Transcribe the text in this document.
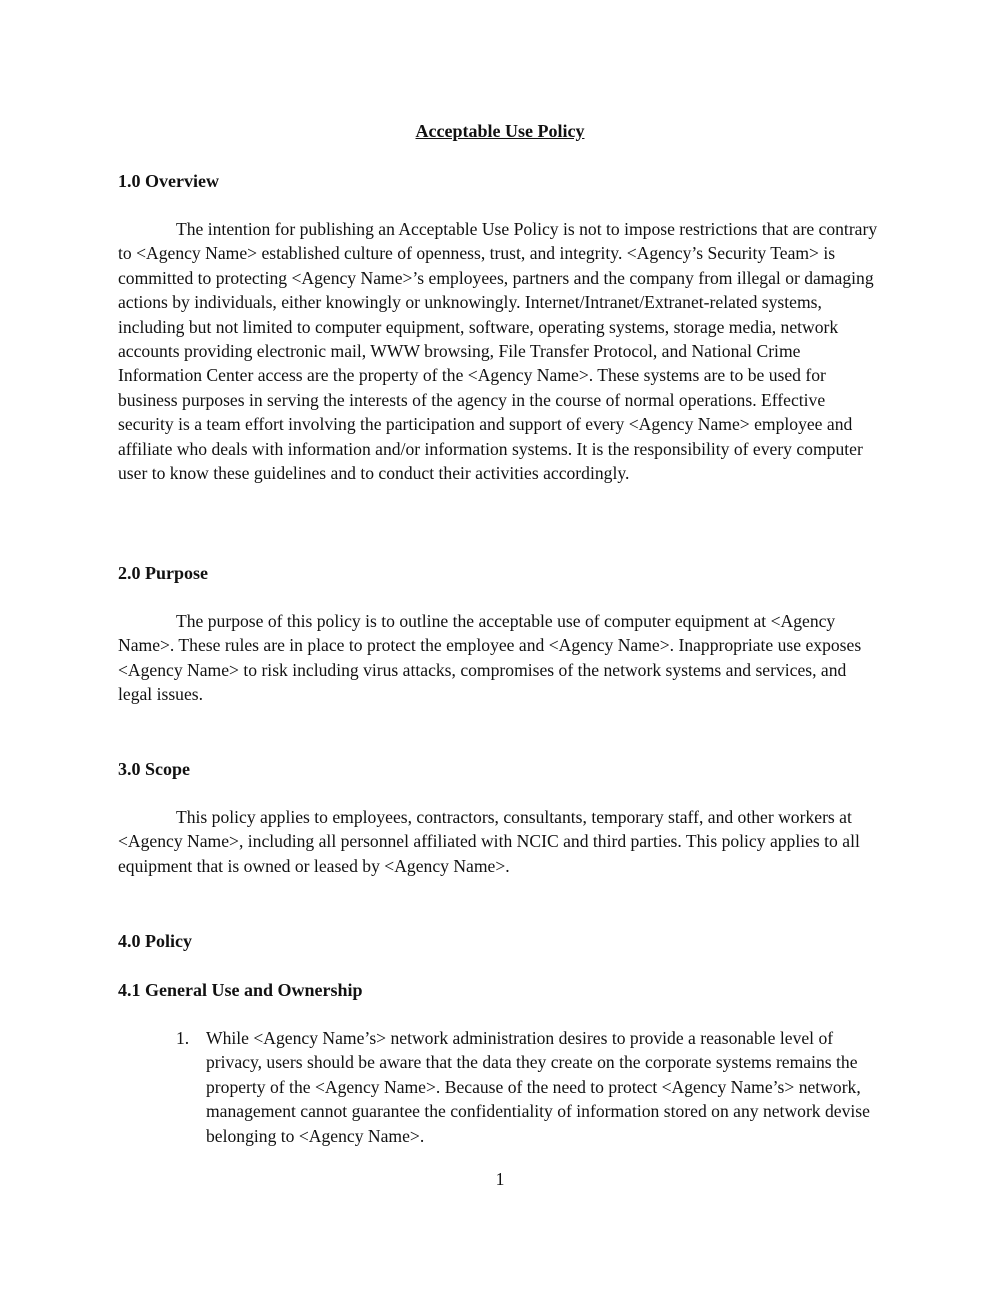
Acceptable Use Policy
1.0 Overview

The intention for publishing an Acceptable Use Policy is not to impose restrictions that are contrary to <Agency Name> established culture of openness, trust, and integrity. <Agency’s Security Team> is committed to protecting <Agency Name>’s employees, partners and the company from illegal or damaging actions by individuals, either knowingly or unknowingly. Internet/Intranet/Extranet-related systems, including but not limited to computer equipment, software, operating systems, storage media, network accounts providing electronic mail, WWW browsing, File Transfer Protocol, and National Crime Information Center access are the property of the <Agency Name>. These systems are to be used for business purposes in serving the interests of the agency in the course of normal operations. Effective security is a team effort involving the participation and support of every <Agency Name> employee and affiliate who deals with information and/or information systems. It is the responsibility of every computer user to know these guidelines and to conduct their activities accordingly.

2.0 Purpose

The purpose of this policy is to outline the acceptable use of computer equipment at <Agency Name>. These rules are in place to protect the employee and <Agency Name>. Inappropriate use exposes <Agency Name> to risk including virus attacks, compromises of the network systems and services, and legal issues.

3.0 Scope

This policy applies to employees, contractors, consultants, temporary staff, and other workers at <Agency Name>, including all personnel affiliated with NCIC and third parties. This policy applies to all equipment that is owned or leased by <Agency Name>.

4.0 Policy
4.1 General Use and Ownership
1. While <Agency Name’s> network administration desires to provide a reasonable level of privacy, users should be aware that the data they create on the corporate systems remains the property of the <Agency Name>. Because of the need to protect <Agency Name’s> network, management cannot guarantee the confidentiality of information stored on any network devise belonging to <Agency Name>.
1
